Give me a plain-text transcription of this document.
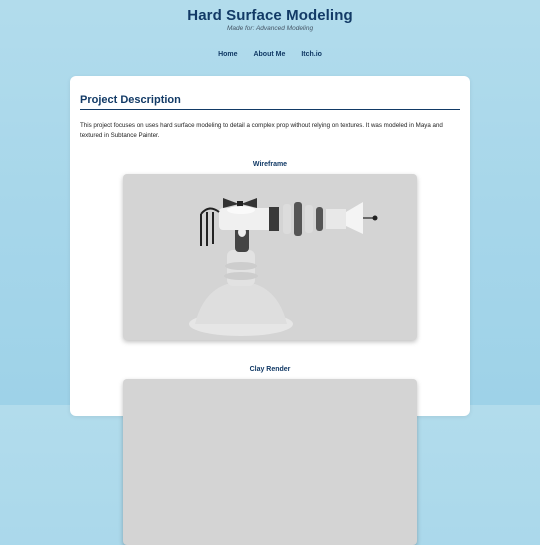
Hard Surface Modeling
Made for: Advanced Modeling
Home About Me Itch.io
Project Description
This project focuses on uses hard surface modeling to detail a complex prop without relying on textures. It was modeled in Maya and textured in Subtance Painter.
Wireframe
Clay Render
